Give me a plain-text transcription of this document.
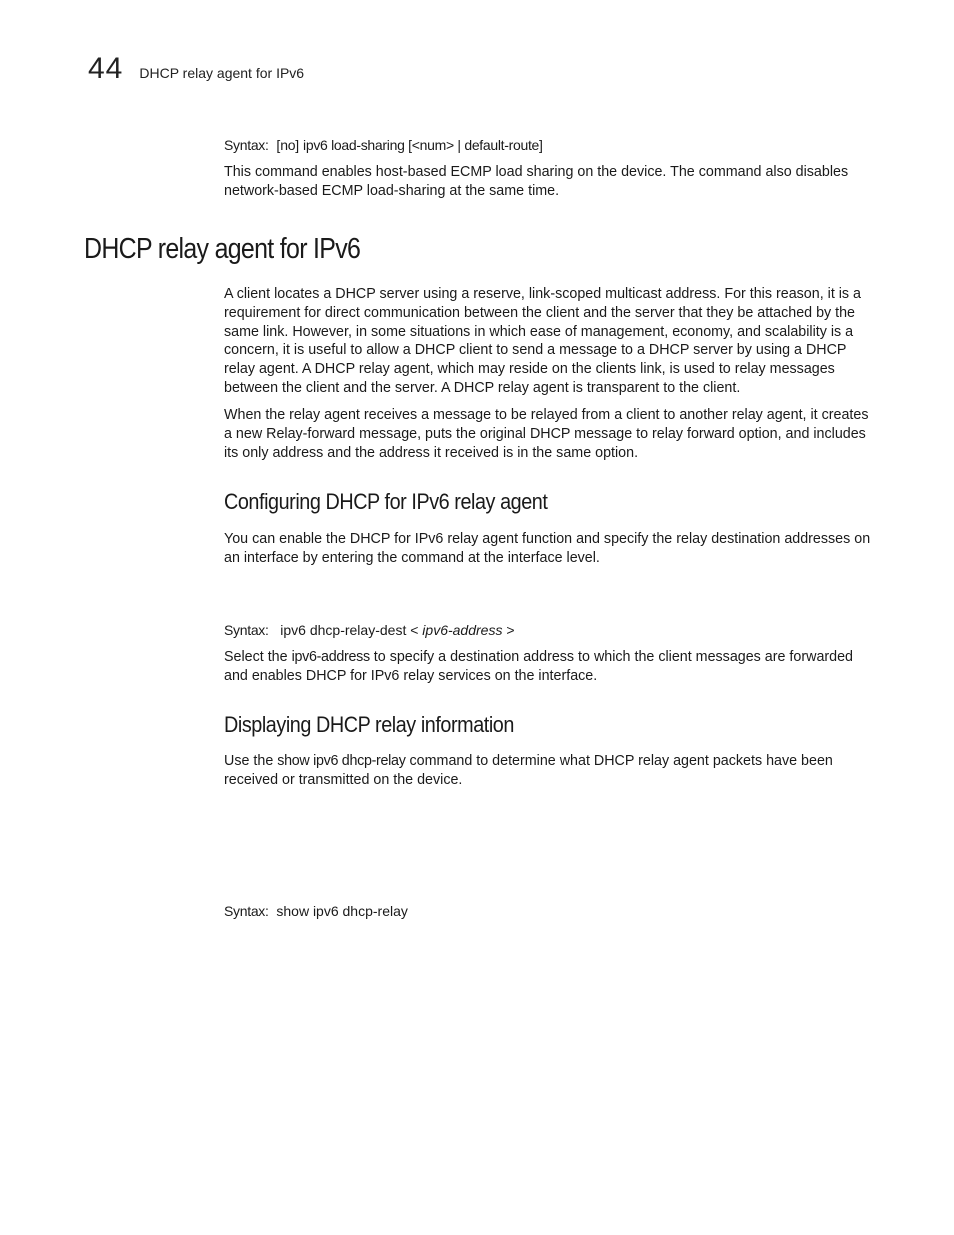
44 DHCP relay agent for IPv6
Syntax: [no] ipv6 load-sharing [<num> | default-route]

This command enables host-based ECMP load sharing on the device. The command also disables network-based ECMP load-sharing at the same time.

DHCP relay agent for IPv6

A client locates a DHCP server using a reserve, link-scoped multicast address. For this reason, it is a requirement for direct communication between the client and the server that they be attached by the same link. However, in some situations in which ease of management, economy, and scalability is a concern, it is useful to allow a DHCP client to send a message to a DHCP server by using a DHCP relay agent. A DHCP relay agent, which may reside on the clients link, is used to relay messages between the client and the server. A DHCP relay agent is transparent to the client.

When the relay agent receives a message to be relayed from a client to another relay agent, it creates a new Relay-forward message, puts the original DHCP message to relay forward option, and includes its only address and the address it received is in the same option.

Configuring DHCP for IPv6 relay agent

You can enable the DHCP for IPv6 relay agent function and specify the relay destination addresses on an interface by entering the command at the interface level.

Syntax: ipv6 dhcp-relay-dest < ipv6-address >

Select the ipv6-address to specify a destination address to which the client messages are forwarded and enables DHCP for IPv6 relay services on the interface.

Displaying DHCP relay information

Use the show ipv6 dhcp-relay command to determine what DHCP relay agent packets have been received or transmitted on the device.

Syntax: show ipv6 dhcp-relay
